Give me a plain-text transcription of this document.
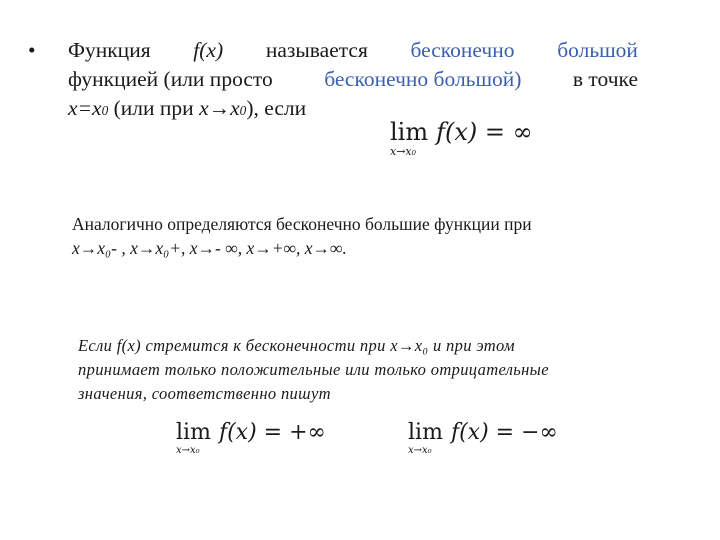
• Функция f(x) называется бесконечно большой
функцией (или просто бесконечно большой) в точке
x=x0 (или при x→x0), если
lim
x→x₀
f(x) = ∞
Аналогично определяются бесконечно большие функции при
x→x₀- , x→x₀+, x→- ∞, x→+∞, x→∞.
Если f(x) стремится к бесконечности при x→x₀ и при этом
принимает только положительные или только отрицательные
значения, соответственно пишут
lim
x→x₀
f(x) = +∞	lim
x→x₀
f(x) = −∞
